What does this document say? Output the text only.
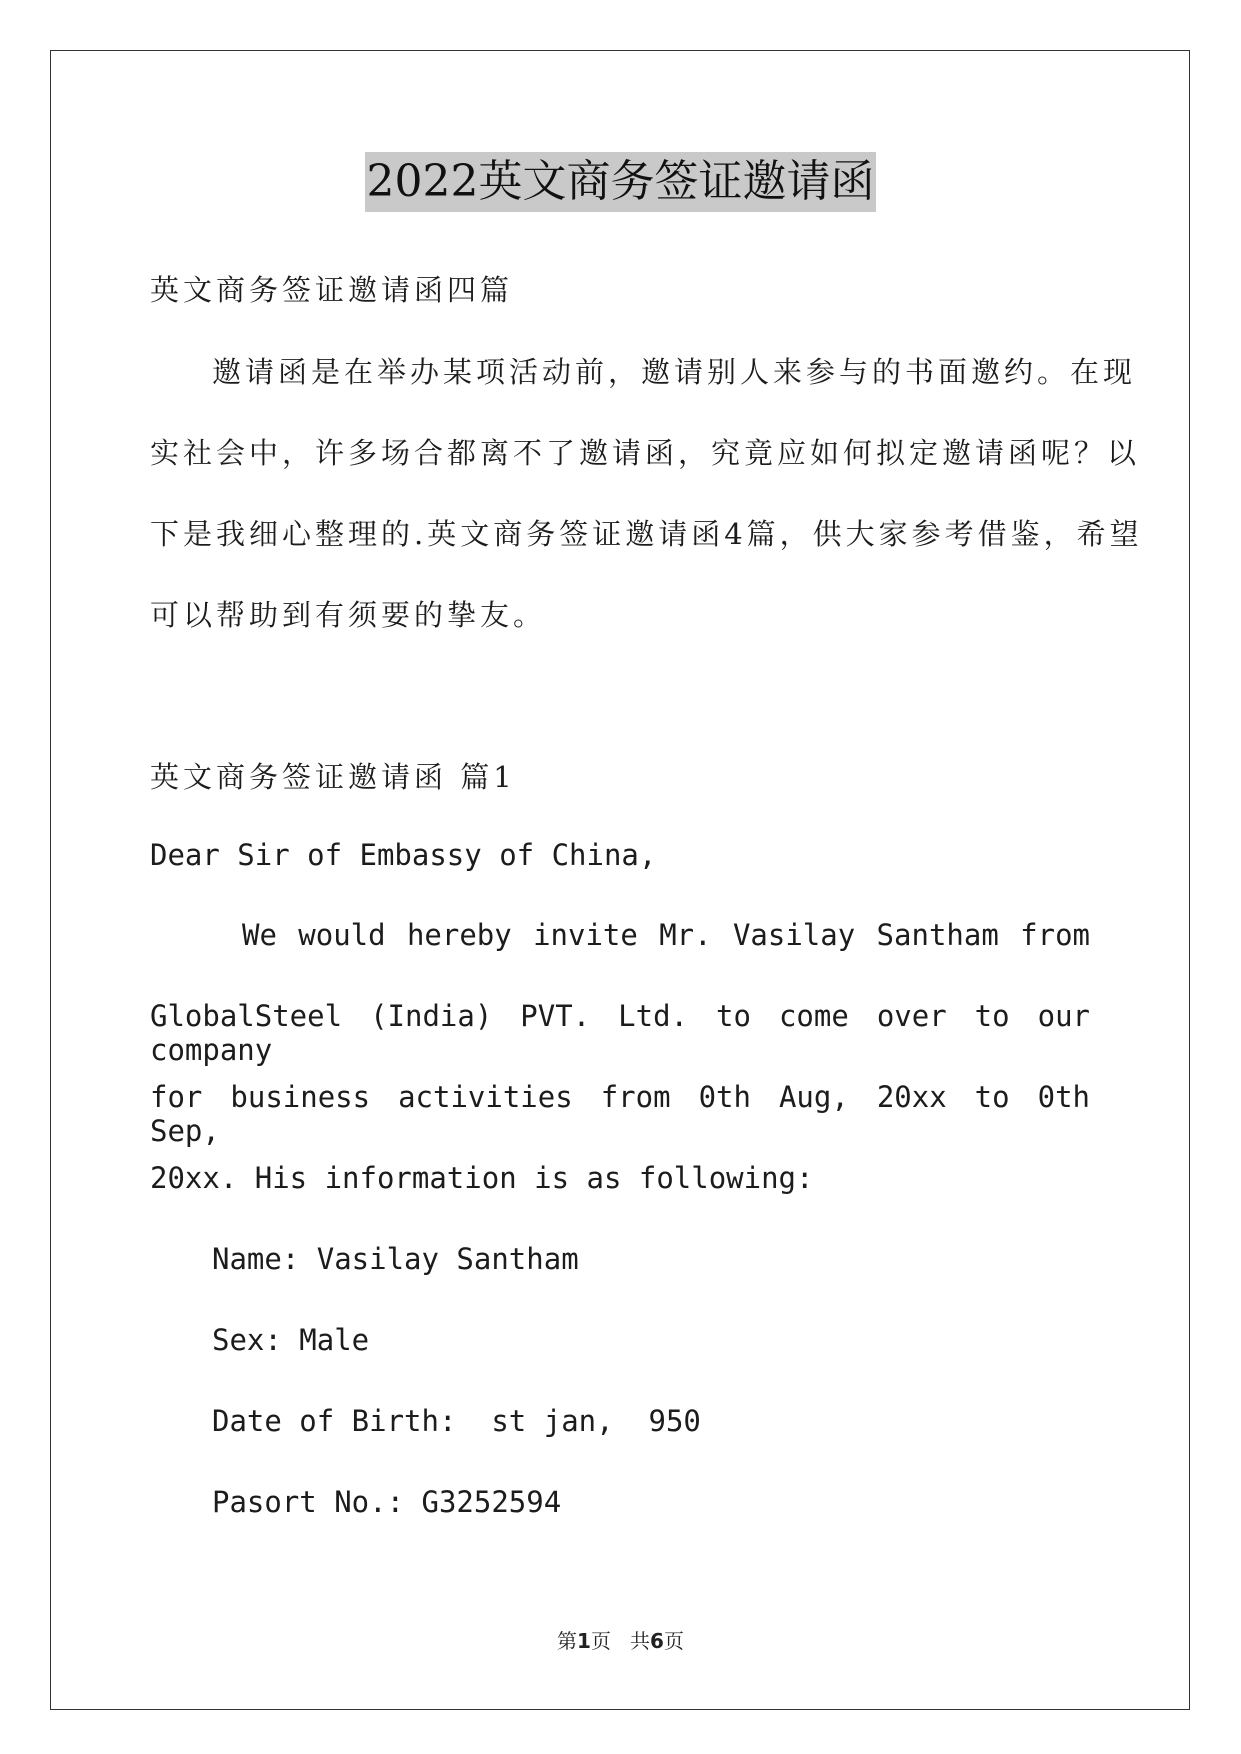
2022英文商务签证邀请函
英文商务签证邀请函四篇
邀请函是在举办某项活动前，邀请别人来参与的书面邀约。在现
实社会中，许多场合都离不了邀请函，究竟应如何拟定邀请函呢？以
下是我细心整理的.英文商务签证邀请函4篇，供大家参考借鉴，希望
可以帮助到有须要的挚友。
英文商务签证邀请函 篇1
Dear Sir of Embassy of China,
We would hereby invite Mr. Vasilay Santham from
GlobalSteel (India) PVT. Ltd. to come over to our company
for business activities from 0th Aug, 20xx to 0th Sep,
20xx. His information is as following:
Name: Vasilay Santham
Sex: Male
Date of Birth:  st jan,  950
Pasort No.: G3252594
第1页   共6页
